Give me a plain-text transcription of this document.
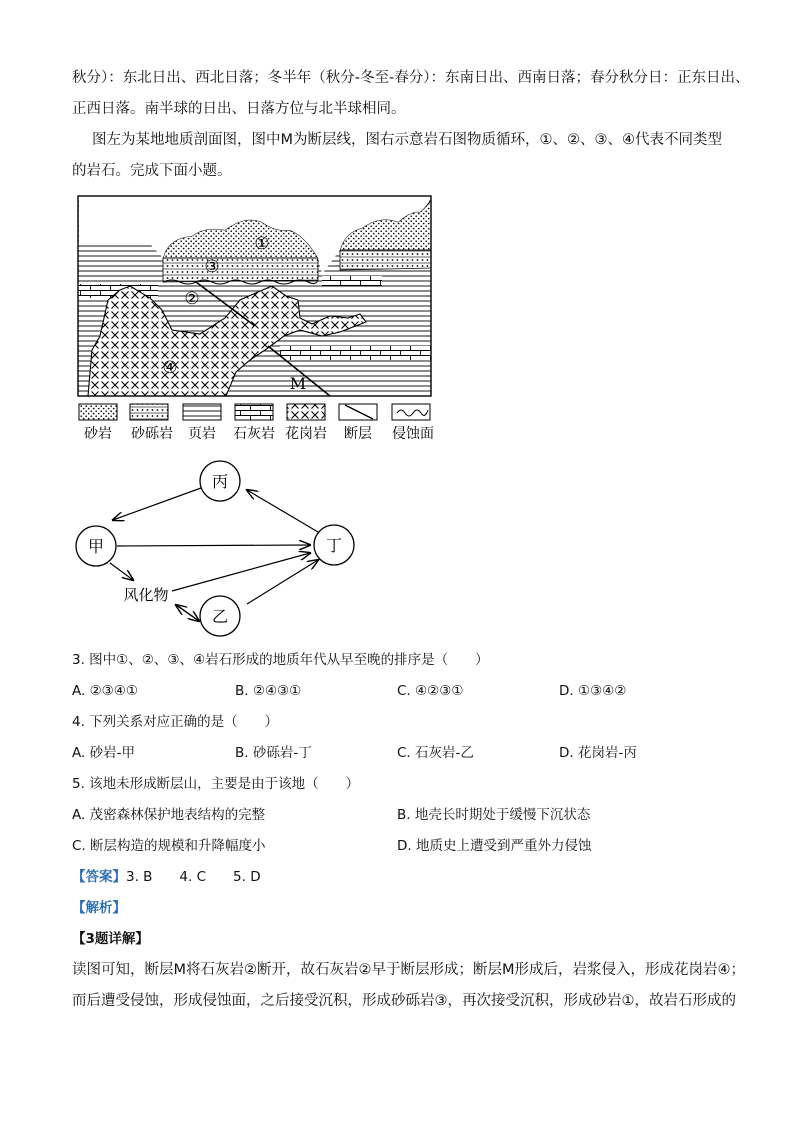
秋分）：东北日出、西北日落；冬半年（秋分-冬至-春分）：东南日出、西南日落；春分秋分日：正东日出、
正西日落。南半球的日出、日落方位与北半球相同。
图左为某地地质剖面图，图中M为断层线，图右示意岩石图物质循环，①、②、③、④代表不同类型
的岩石。完成下面小题。
①
③
②
④
M
砂岩 砂砾岩 页岩 石灰岩 花岗岩 断层 侵蚀面
丙
甲	丁
乙
风化物
3. 图中①、②、③、④岩石形成的地质年代从早至晚的排序是（　　）
A. ②③④①	B. ②④③①	C. ④②③①	D. ①③④②
4. 下列关系对应正确的是（　　）
A. 砂岩-甲	B. 砂砾岩-丁	C. 石灰岩-乙	D. 花岗岩-丙
5. 该地未形成断层山，主要是由于该地（　　）
A. 茂密森林保护地表结构的完整	B. 地壳长时期处于缓慢下沉状态
C. 断层构造的规模和升降幅度小	D. 地质史上遭受到严重外力侵蚀
【答案】3. B　　4. C　　5. D
【解析】
【3题详解】
读图可知，断层M将石灰岩②断开，故石灰岩②早于断层形成；断层M形成后，岩浆侵入，形成花岗岩④；
而后遭受侵蚀，形成侵蚀面，之后接受沉积，形成砂砾岩③，再次接受沉积，形成砂岩①，故岩石形成的
